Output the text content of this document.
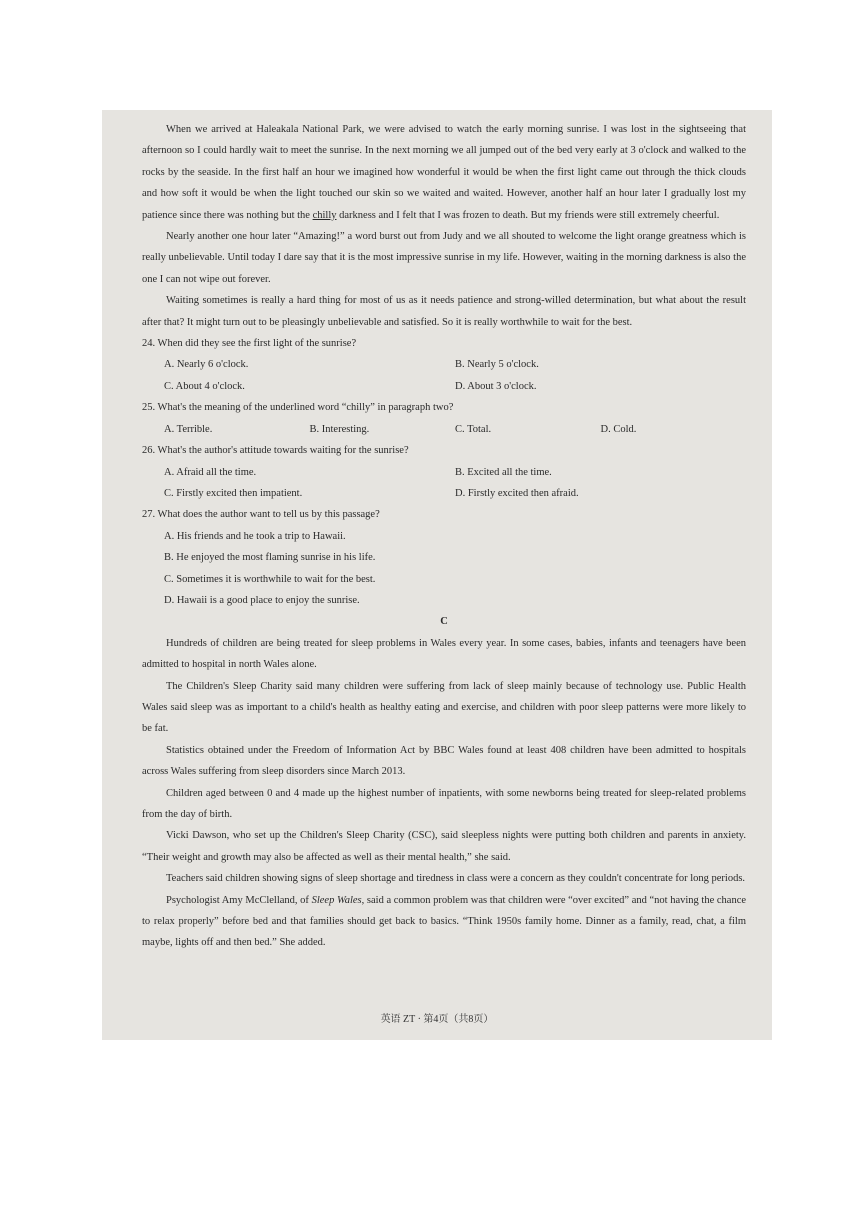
When we arrived at Haleakala National Park, we were advised to watch the early morning sunrise. I was lost in the sightseeing that afternoon so I could hardly wait to meet the sunrise. In the next morning we all jumped out of the bed very early at 3 o'clock and walked to the rocks by the seaside. In the first half an hour we imagined how wonderful it would be when the first light came out through the thick clouds and how soft it would be when the light touched our skin so we waited and waited. However, another half an hour later I gradually lost my patience since there was nothing but the chilly darkness and I felt that I was frozen to death. But my friends were still extremely cheerful.

Nearly another one hour later “Amazing!” a word burst out from Judy and we all shouted to welcome the light orange greatness which is really unbelievable. Until today I dare say that it is the most impressive sunrise in my life. However, waiting in the morning darkness is also the one I can not wipe out forever.

Waiting sometimes is really a hard thing for most of us as it needs patience and strong-willed determination, but what about the result after that? It might turn out to be pleasingly unbelievable and satisfied. So it is really worthwhile to wait for the best.

24. When did they see the first light of the sunrise?

A. Nearly 6 o'clock.	B. Nearly 5 o'clock.
C. About 4 o'clock.	D. About 3 o'clock.

25. What's the meaning of the underlined word “chilly” in paragraph two?

A. Terrible.	B. Interesting.	C. Total.	D. Cold.

26. What's the author's attitude towards waiting for the sunrise?

A. Afraid all the time.	B. Excited all the time.
C. Firstly excited then impatient.	D. Firstly excited then afraid.

27. What does the author want to tell us by this passage?

A. His friends and he took a trip to Hawaii.
B. He enjoyed the most flaming sunrise in his life.
C. Sometimes it is worthwhile to wait for the best.
D. Hawaii is a good place to enjoy the sunrise.

C

Hundreds of children are being treated for sleep problems in Wales every year. In some cases, babies, infants and teenagers have been admitted to hospital in north Wales alone.

The Children's Sleep Charity said many children were suffering from lack of sleep mainly because of technology use. Public Health Wales said sleep was as important to a child's health as healthy eating and exercise, and children with poor sleep patterns were more likely to be fat.

Statistics obtained under the Freedom of Information Act by BBC Wales found at least 408 children have been admitted to hospitals across Wales suffering from sleep disorders since March 2013.

Children aged between 0 and 4 made up the highest number of inpatients, with some newborns being treated for sleep-related problems from the day of birth.

Vicki Dawson, who set up the Children's Sleep Charity (CSC), said sleepless nights were putting both children and parents in anxiety. “Their weight and growth may also be affected as well as their mental health,” she said.

Teachers said children showing signs of sleep shortage and tiredness in class were a concern as they couldn't concentrate for long periods.

Psychologist Amy McClelland, of Sleep Wales, said a common problem was that children were “over excited” and “not having the chance to relax properly” before bed and that families should get back to basics. “Think 1950s family home. Dinner as a family, read, chat, a film maybe, lights off and then bed.” She added.

英语 ZT · 第4页（共8页）
